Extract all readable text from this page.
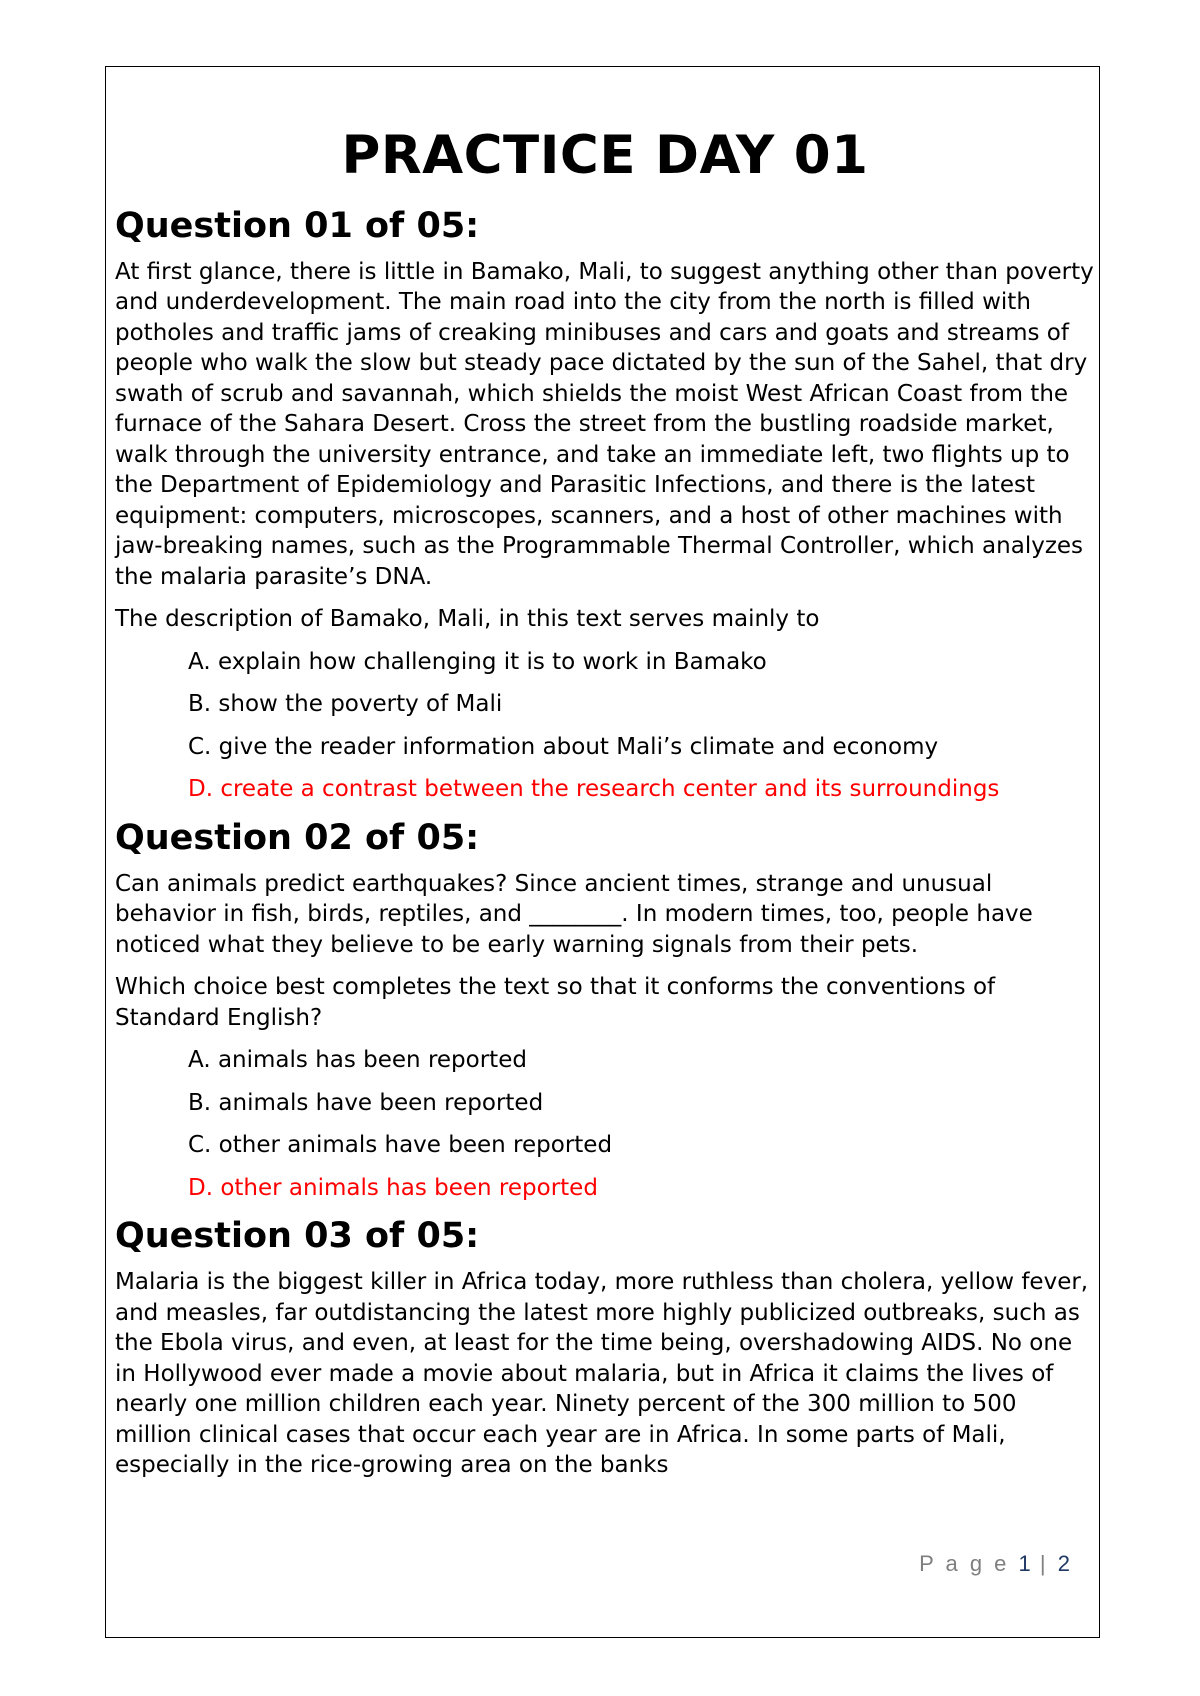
PRACTICE DAY 01
Question 01 of 05:

At first glance, there is little in Bamako, Mali, to suggest anything other than poverty and underdevelopment. The main road into the city from the north is filled with potholes and traffic jams of creaking minibuses and cars and goats and streams of people who walk the slow but steady pace dictated by the sun of the Sahel, that dry swath of scrub and savannah, which shields the moist West African Coast from the furnace of the Sahara Desert. Cross the street from the bustling roadside market, walk through the university entrance, and take an immediate left, two flights up to the Department of Epidemiology and Parasitic Infections, and there is the latest equipment: computers, microscopes, scanners, and a host of other machines with jaw-breaking names, such as the Programmable Thermal Controller, which analyzes the malaria parasite’s DNA.

The description of Bamako, Mali, in this text serves mainly to

A. explain how challenging it is to work in Bamako
B. show the poverty of Mali
C. give the reader information about Mali’s climate and economy
D. create a contrast between the research center and its surroundings
Question 02 of 05:

Can animals predict earthquakes? Since ancient times, strange and unusual behavior in fish, birds, reptiles, and ________. In modern times, too, people have noticed what they believe to be early warning signals from their pets.

Which choice best completes the text so that it conforms the conventions of Standard English?

A. animals has been reported
B. animals have been reported
C. other animals have been reported
D. other animals has been reported
Question 03 of 05:

Malaria is the biggest killer in Africa today, more ruthless than cholera, yellow fever, and measles, far outdistancing the latest more highly publicized outbreaks, such as the Ebola virus, and even, at least for the time being, overshadowing AIDS. No one in Hollywood ever made a movie about malaria, but in Africa it claims the lives of nearly one million children each year. Ninety percent of the 300 million to 500 million clinical cases that occur each year are in Africa. In some parts of Mali, especially in the rice-growing area on the banks

P a g e 1 | 2
